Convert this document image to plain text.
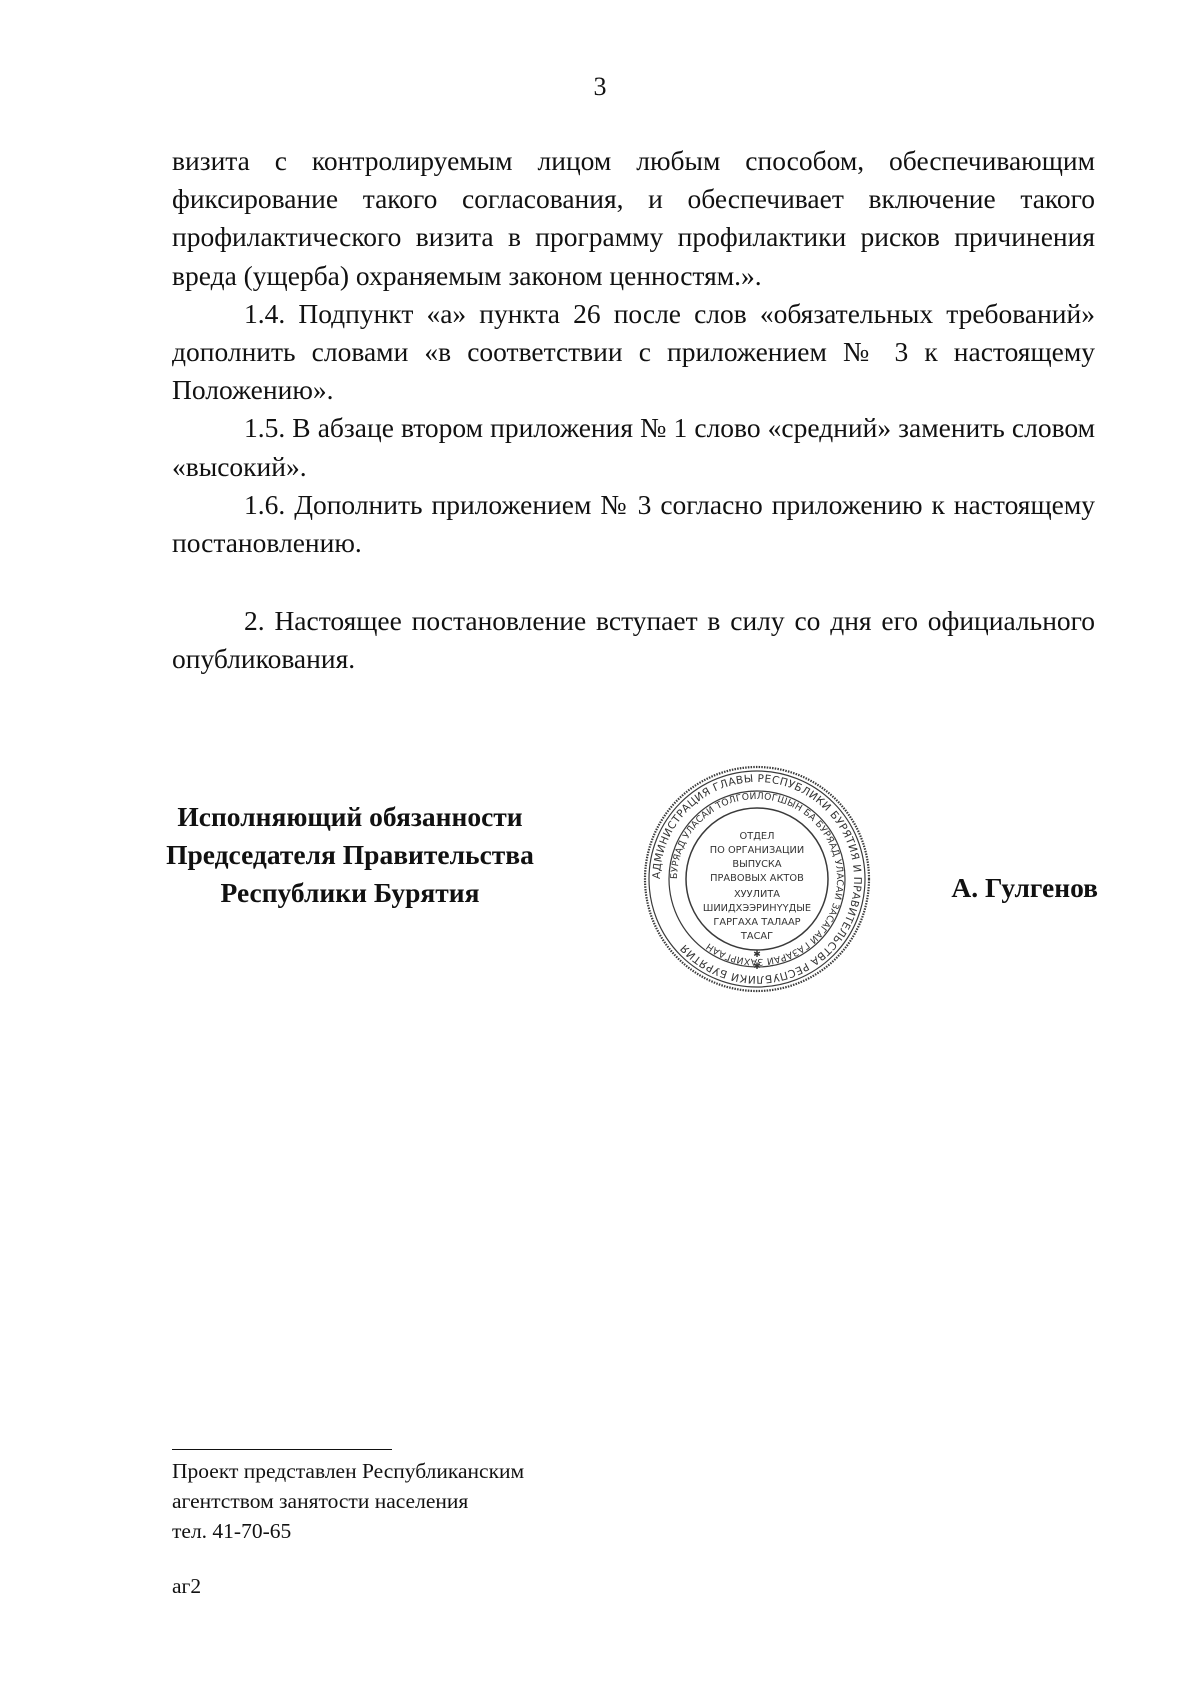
3

визита с контролируемым лицом любым способом, обеспечивающим фиксирование такого согласования, и обеспечивает включение такого профилактического визита в программу профилактики рисков причинения вреда (ущерба) охраняемым законом ценностям.».

1.4. Подпункт «а» пункта 26 после слов «обязательных требований» дополнить словами «в соответствии с приложением № 3 к настоящему Положению».

1.5. В абзаце втором приложения № 1 слово «средний» заменить словом «высокий».

1.6. Дополнить приложением № 3 согласно приложению к настоящему постановлению.

2. Настоящее постановление вступает в силу со дня его официального опубликования.

Исполняющий обязанности
Председателя Правительства
Республики Бурятия
АДМИНИСТРАЦИЯ ГЛАВЫ РЕСПУБЛИКИ БУРЯТИЯ И ПРАВИТЕЛЬСТВА РЕСПУБЛИКИ БУРЯТИЯ
БУРЯАД УЛАСАЙ ТОЛГОЙЛОГШЫН БА БУРЯАД УЛАСАЙ ЗАСАГАЙ ГАЗАРАЙ ЗАХИРГААН
ОТДЕЛ
ПО ОРГАНИЗАЦИИ
ВЫПУСКА
ПРАВОВЫХ АКТОВ
ХУУЛИТА
ШИИДХЭЭРИНҮҮДЫЕ
ГАРГАХА ТАЛААР
ТАСАГ
✱
✱
А. Гулгенов
Проект представлен Республиканским
агентством занятости населения
тел. 41-70-65
аг2
